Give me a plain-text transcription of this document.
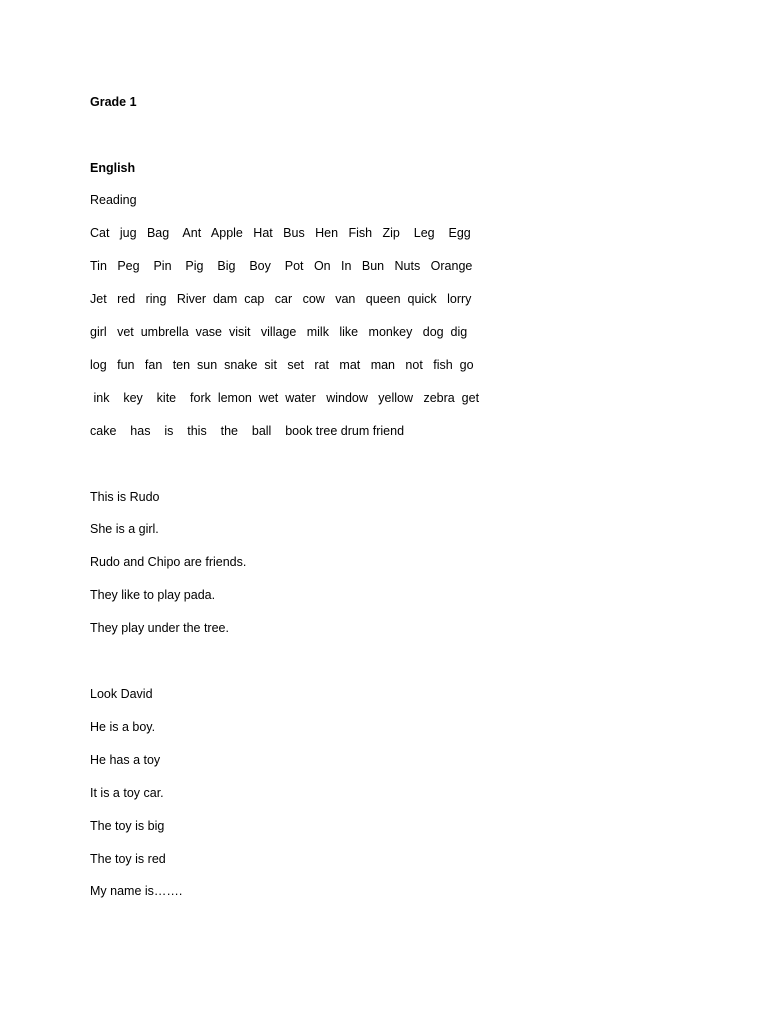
Grade 1
English
Reading
Cat   jug   Bag    Ant   Apple   Hat   Bus   Hen   Fish   Zip    Leg    Egg
Tin   Peg    Pin    Pig    Big    Boy    Pot   On   In   Bun   Nuts   Orange
Jet   red   ring   River  dam  cap   car   cow   van   queen  quick   lorry
girl   vet  umbrella  vase  visit   village   milk   like   monkey   dog  dig
log   fun   fan   ten  sun  snake  sit   set   rat   mat   man   not   fish  go
ink    key    kite    fork  lemon  wet  water   window   yellow   zebra  get
cake    has    is    this    the    ball    book tree drum friend
This is Rudo
She is a girl.
Rudo and Chipo are friends.
They like to play pada.
They play under the tree.
Look David
He is a boy.
He has a toy
It is a toy car.
The toy is big
The toy is red
My name is…….
